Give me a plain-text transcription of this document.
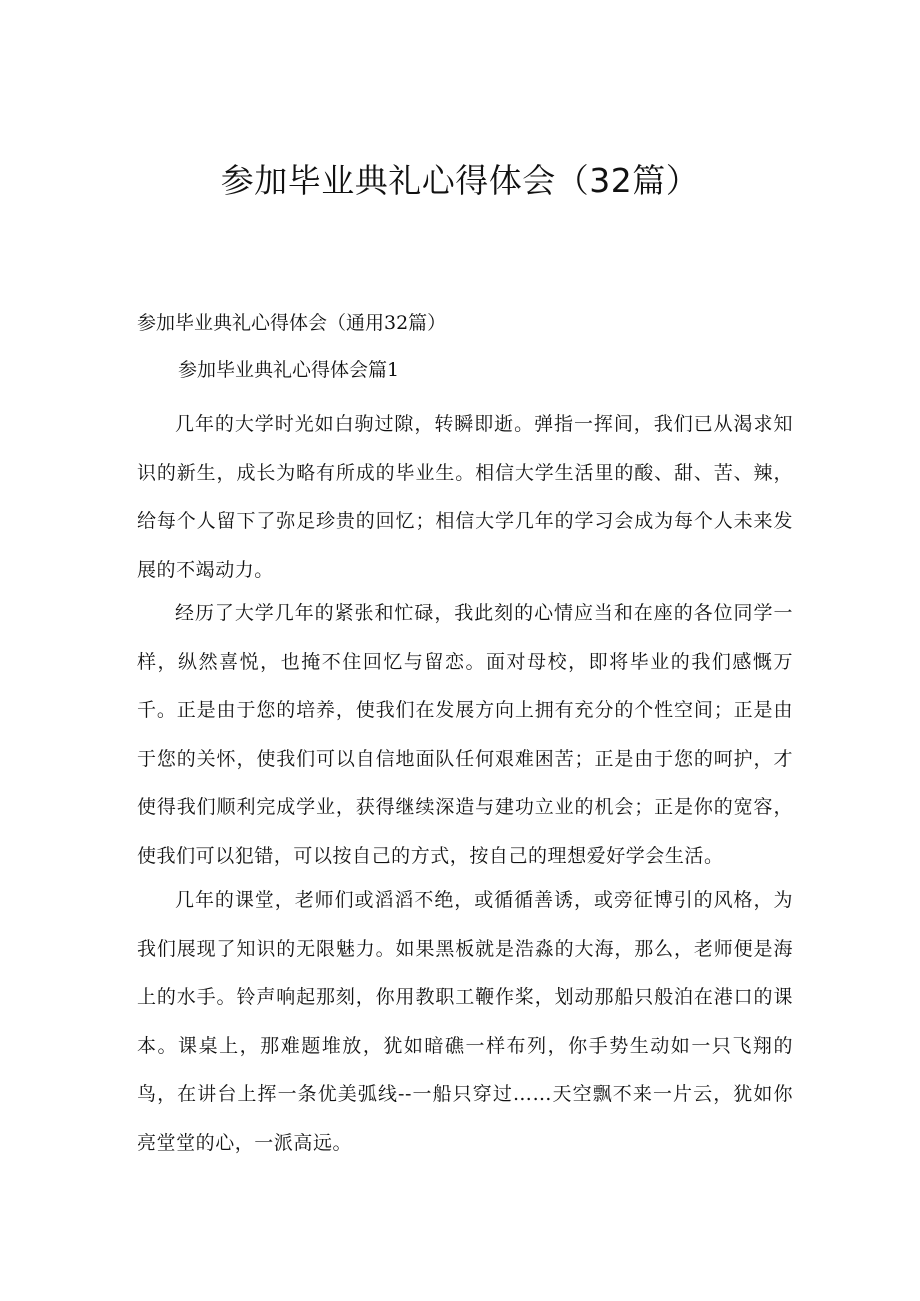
参加毕业典礼心得体会（32篇）

参加毕业典礼心得体会（通用32篇）

参加毕业典礼心得体会篇1

几年的大学时光如白驹过隙，转瞬即逝。弹指一挥间，我们已从渴求知识的新生，成长为略有所成的毕业生。相信大学生活里的酸、甜、苦、辣，给每个人留下了弥足珍贵的回忆；相信大学几年的学习会成为每个人未来发展的不竭动力。

经历了大学几年的紧张和忙碌，我此刻的心情应当和在座的各位同学一样，纵然喜悦，也掩不住回忆与留恋。面对母校，即将毕业的我们感慨万千。正是由于您的培养，使我们在发展方向上拥有充分的个性空间；正是由于您的关怀，使我们可以自信地面队任何艰难困苦；正是由于您的呵护，才使得我们顺利完成学业，获得继续深造与建功立业的机会；正是你的宽容，使我们可以犯错，可以按自己的方式，按自己的理想爱好学会生活。

几年的课堂，老师们或滔滔不绝，或循循善诱，或旁征博引的风格，为我们展现了知识的无限魅力。如果黑板就是浩淼的大海，那么，老师便是海上的水手。铃声响起那刻，你用教职工鞭作桨，划动那船只般泊在港口的课本。课桌上，那难题堆放，犹如暗礁一样布列，你手势生动如一只飞翔的鸟，在讲台上挥一条优美弧线--一船只穿过……天空飘不来一片云，犹如你亮堂堂的心，一派高远。
